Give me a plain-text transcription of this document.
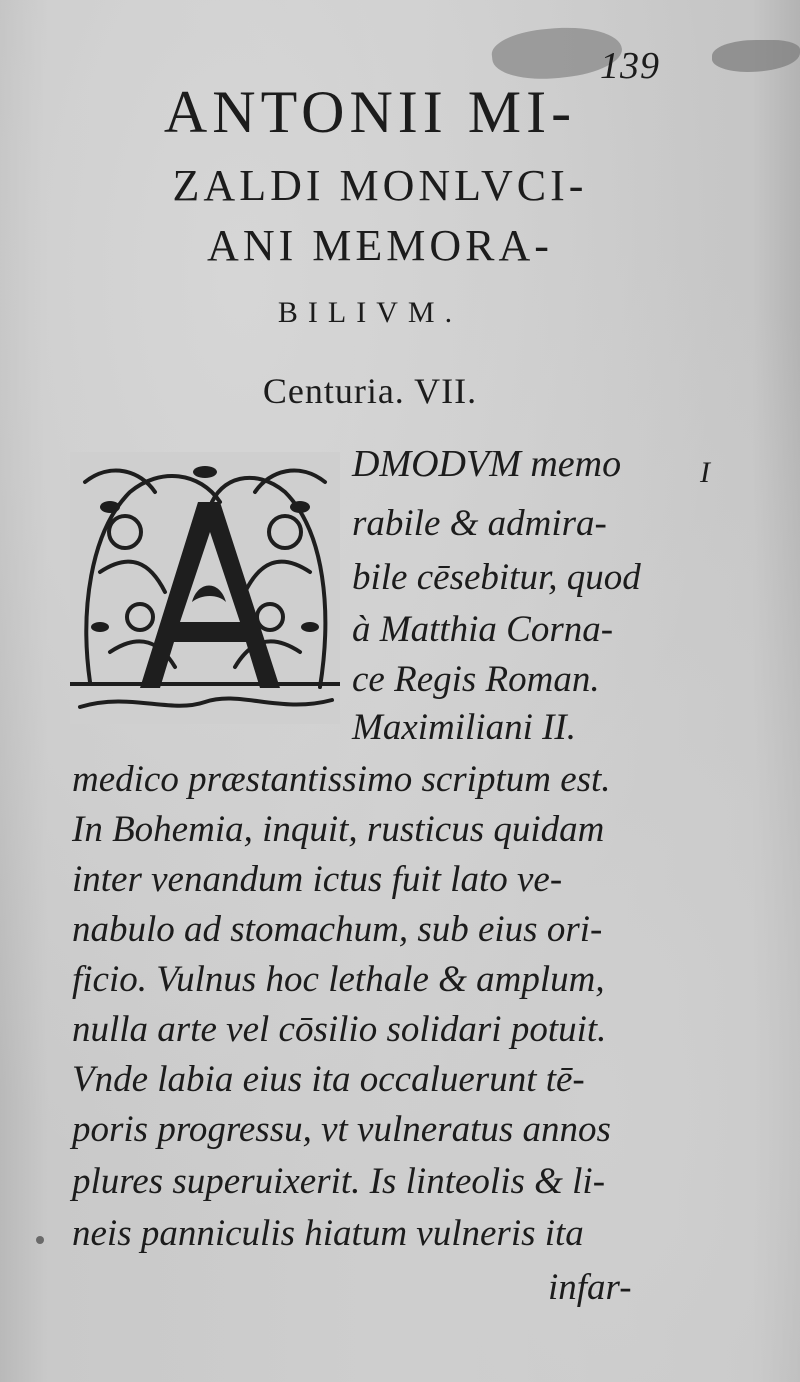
139
ANTONII MI-
ZALDI MONLVCI-
ANI MEMORA-
BILIVM.
Centuria. VII.
I
DMODVM memo
rabile & admira-
bile cēsebitur, quod
à Matthia Corna-
ce Regis Roman.
Maximiliani II.
medico præstantissimo scriptum est.
In Bohemia, inquit, rusticus quidam
inter venandum ictus fuit lato ve-
nabulo ad stomachum, sub eius ori-
ficio. Vulnus hoc lethale & amplum,
nulla arte vel cōsilio solidari potuit.
Vnde labia eius ita occaluerunt tē-
poris progressu, vt vulneratus annos
plures superuixerit. Is linteolis & li-
neis panniculis hiatum vulneris ita
infar-
